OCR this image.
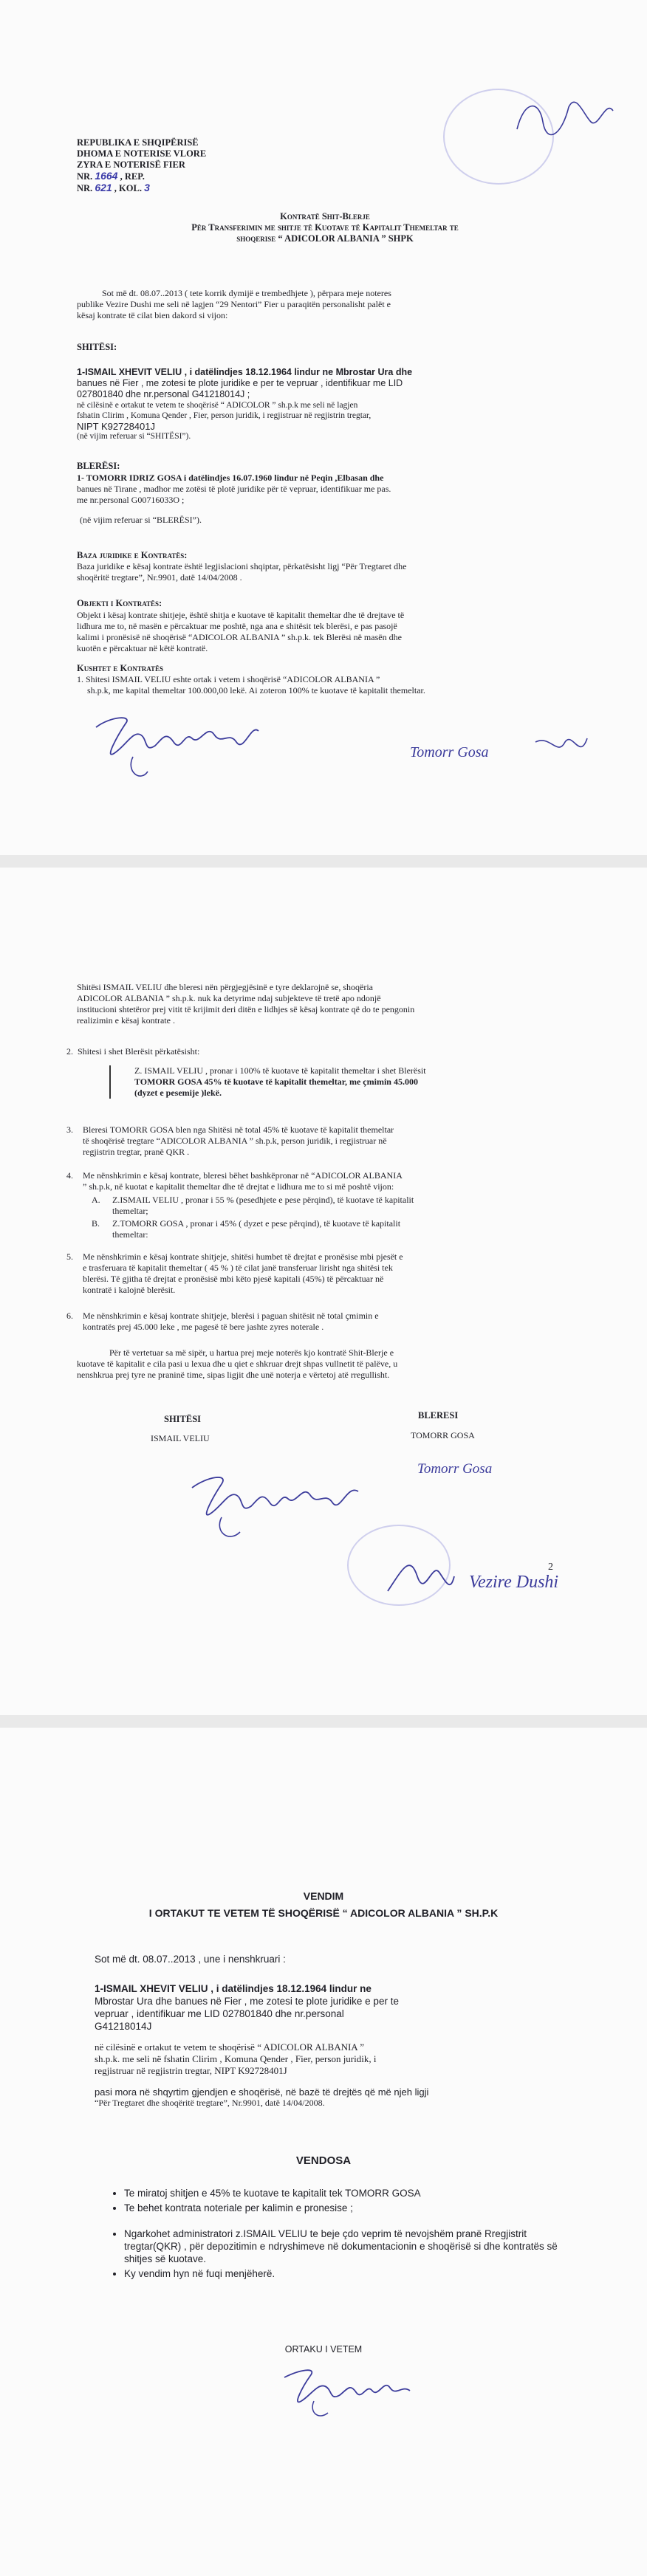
REPUBLIKA E SHQIPËRISË
DHOMA E NOTERISE VLORE
ZYRA E NOTERISË FIER
NR. 1664 , REP.
NR. 621 , KOL. 3
Kontratë Shit-Blerje
Për Transferimin me shitje të Kuotave të Kapitalit Themeltar te
shoqerise “ ADICOLOR ALBANIA ” SHPK
Sot më dt. 08.07..2013 ( tete korrik dymijë e trembedhjete ), përpara meje noteres
publike Vezire Dushi me seli në lagjen “29 Nentori” Fier u paraqitën personalisht palët e
kësaj kontrate të cilat bien dakord si vijon:
SHITËSI:
1-ISMAIL XHEVIT VELIU , i datëlindjes 18.12.1964 lindur ne Mbrostar Ura dhe
banues në Fier , me zotesi te plote juridike e per te vepruar , identifikuar me LID
027801840 dhe nr.personal G41218014J ;
në cilësinë e ortakut te vetem te shoqërisë “ ADICOLOR ” sh.p.k me seli në lagjen
fshatin Clirim , Komuna Qender , Fier, person juridik, i regjistruar në regjistrin tregtar,
NIPT K92728401J
(në vijim referuar si “SHITËSI”).
BLERËSI:
1- TOMORR IDRIZ GOSA i datëlindjes 16.07.1960 lindur në Peqin ,Elbasan dhe
banues në Tirane , madhor me zotësi të plotë juridike për të vepruar, identifikuar me pas.
me nr.personal G00716033O ;
(në vijim referuar si “BLERËSI”).
Baza juridike e Kontratës:
Baza juridike e kësaj kontrate është legjislacioni shqiptar, përkatësisht ligj “Për Tregtaret dhe
shoqëritë tregtare”, Nr.9901, datë 14/04/2008 .
Objekti i Kontratës:
Objekt i kësaj kontrate shitjeje, është shitja e kuotave të kapitalit themeltar dhe të drejtave të
lidhura me to, në masën e përcaktuar me poshtë, nga ana e shitësit tek blerësi, e pas pasojë
kalimi i pronësisë në shoqërisë “ADICOLOR ALBANIA ” sh.p.k. tek Blerësi në masën dhe
kuotën e përcaktuar në këtë kontratë.
Kushtet e Kontratës
1. Shitesi ISMAIL VELIU eshte ortak i vetem i shoqërisë “ADICOLOR ALBANIA ”
sh.p.k, me kapital themeltar 100.000,00 lekë. Ai zoteron 100% te kuotave të kapitalit themeltar.
Tomorr Gosa
Shitësi ISMAIL VELIU dhe bleresi nën përgjegjësinë e tyre deklarojnë se, shoqëria
ADICOLOR ALBANIA ” sh.p.k. nuk ka detyrime ndaj subjekteve të tretë apo ndonjë
institucioni shtetëror prej vitit të krijimit deri ditën e lidhjes së kësaj kontrate që do te pengonin
realizimin e kësaj kontrate .
2.  Shitesi i shet Blerësit përkatësisht:
Z. ISMAIL VELIU , pronar i 100% të kuotave të kapitalit themeltar i shet Blerësit
TOMORR GOSA 45% të kuotave të kapitalit themeltar, me çmimin 45.000
(dyzet e pesemije )lekë.
3.	Bleresi TOMORR GOSA blen nga Shitësi në total 45% të kuotave të kapitalit themeltar
të shoqërisë tregtare “ADICOLOR ALBANIA ” sh.p.k, person juridik, i regjistruar në
regjistrin tregtar, pranë QKR .
4.	Me nënshkrimin e kësaj kontrate, bleresi bëhet bashkëpronar në “ADICOLOR ALBANIA
” sh.p.k, në kuotat e kapitalit themeltar dhe të drejtat e lidhura me to si më poshtë vijon:
A.	Z.ISMAIL VELIU , pronar i 55 % (pesedhjete e pese përqind), të kuotave të kapitalit
themeltar;
B.	Z.TOMORR GOSA , pronar i 45% ( dyzet e pese përqind), të kuotave të kapitalit
themeltar:
5.	Me nënshkrimin e kësaj kontrate shitjeje, shitësi humbet të drejtat e pronësise mbi pjesët e
e trasferuara të kapitalit themeltar ( 45 % ) të cilat janë transferuar lirisht nga shitësi tek
blerësi. Të gjitha të drejtat e pronësisë mbi këto pjesë kapitali (45%) të përcaktuar në
kontratë i kalojnë blerësit.
6.	Me nënshkrimin e kësaj kontrate shitjeje, blerësi i paguan shitësit në total çmimin e
kontratës prej 45.000 leke , me pagesë të bere jashte zyres noterale .
Për të vertetuar sa më sipër, u hartua prej meje noterës kjo kontratë Shit-Blerje e
kuotave të kapitalit e cila pasi u lexua dhe u qiet e shkruar drejt shpas vullnetit të palëve, u
nenshkrua prej tyre ne praninë time, sipas ligjit dhe unë noterja e vërtetoj atë rregullisht.
SHITËSI	BLERESI
ISMAIL VELIU	TOMORR GOSA
Tomorr Gosa
Vezire Dushi
2
VENDIM
I ORTAKUT TE VETEM TË SHOQËRISË “ ADICOLOR ALBANIA ” SH.P.K
Sot më dt. 08.07..2013 , une i nenshkruari :
1-ISMAIL XHEVIT VELIU , i datëlindjes 18.12.1964 lindur ne
Mbrostar Ura dhe banues në Fier , me zotesi te plote juridike e per te
vepruar , identifikuar me LID 027801840 dhe nr.personal
G41218014J
në cilësinë e ortakut te vetem te shoqërisë “ ADICOLOR ALBANIA ”
sh.p.k. me seli në fshatin Clirim , Komuna Qender , Fier, person juridik, i
regjistruar në regjistrin tregtar, NIPT K92728401J
pasi mora në shqyrtim gjendjen e shoqërisë, në bazë të drejtës që më njeh ligji
“Për Tregtaret dhe shoqëritë tregtare”, Nr.9901, datë 14/04/2008.
VENDOSA
• Te miratoj shitjen e 45% te kuotave te kapitalit tek TOMORR GOSA
• Te behet kontrata noteriale per kalimin e pronesise ;
• Ngarkohet administratori z.ISMAIL VELIU te beje çdo veprim të nevojshëm pranë Rregjistrit tregtar(QKR) , për depozitimin e ndryshimeve në dokumentacionin e shoqërisë si dhe kontratës së shitjes së kuotave.
• Ky vendim hyn në fuqi menjëherë.
ORTAKU I VETEM
